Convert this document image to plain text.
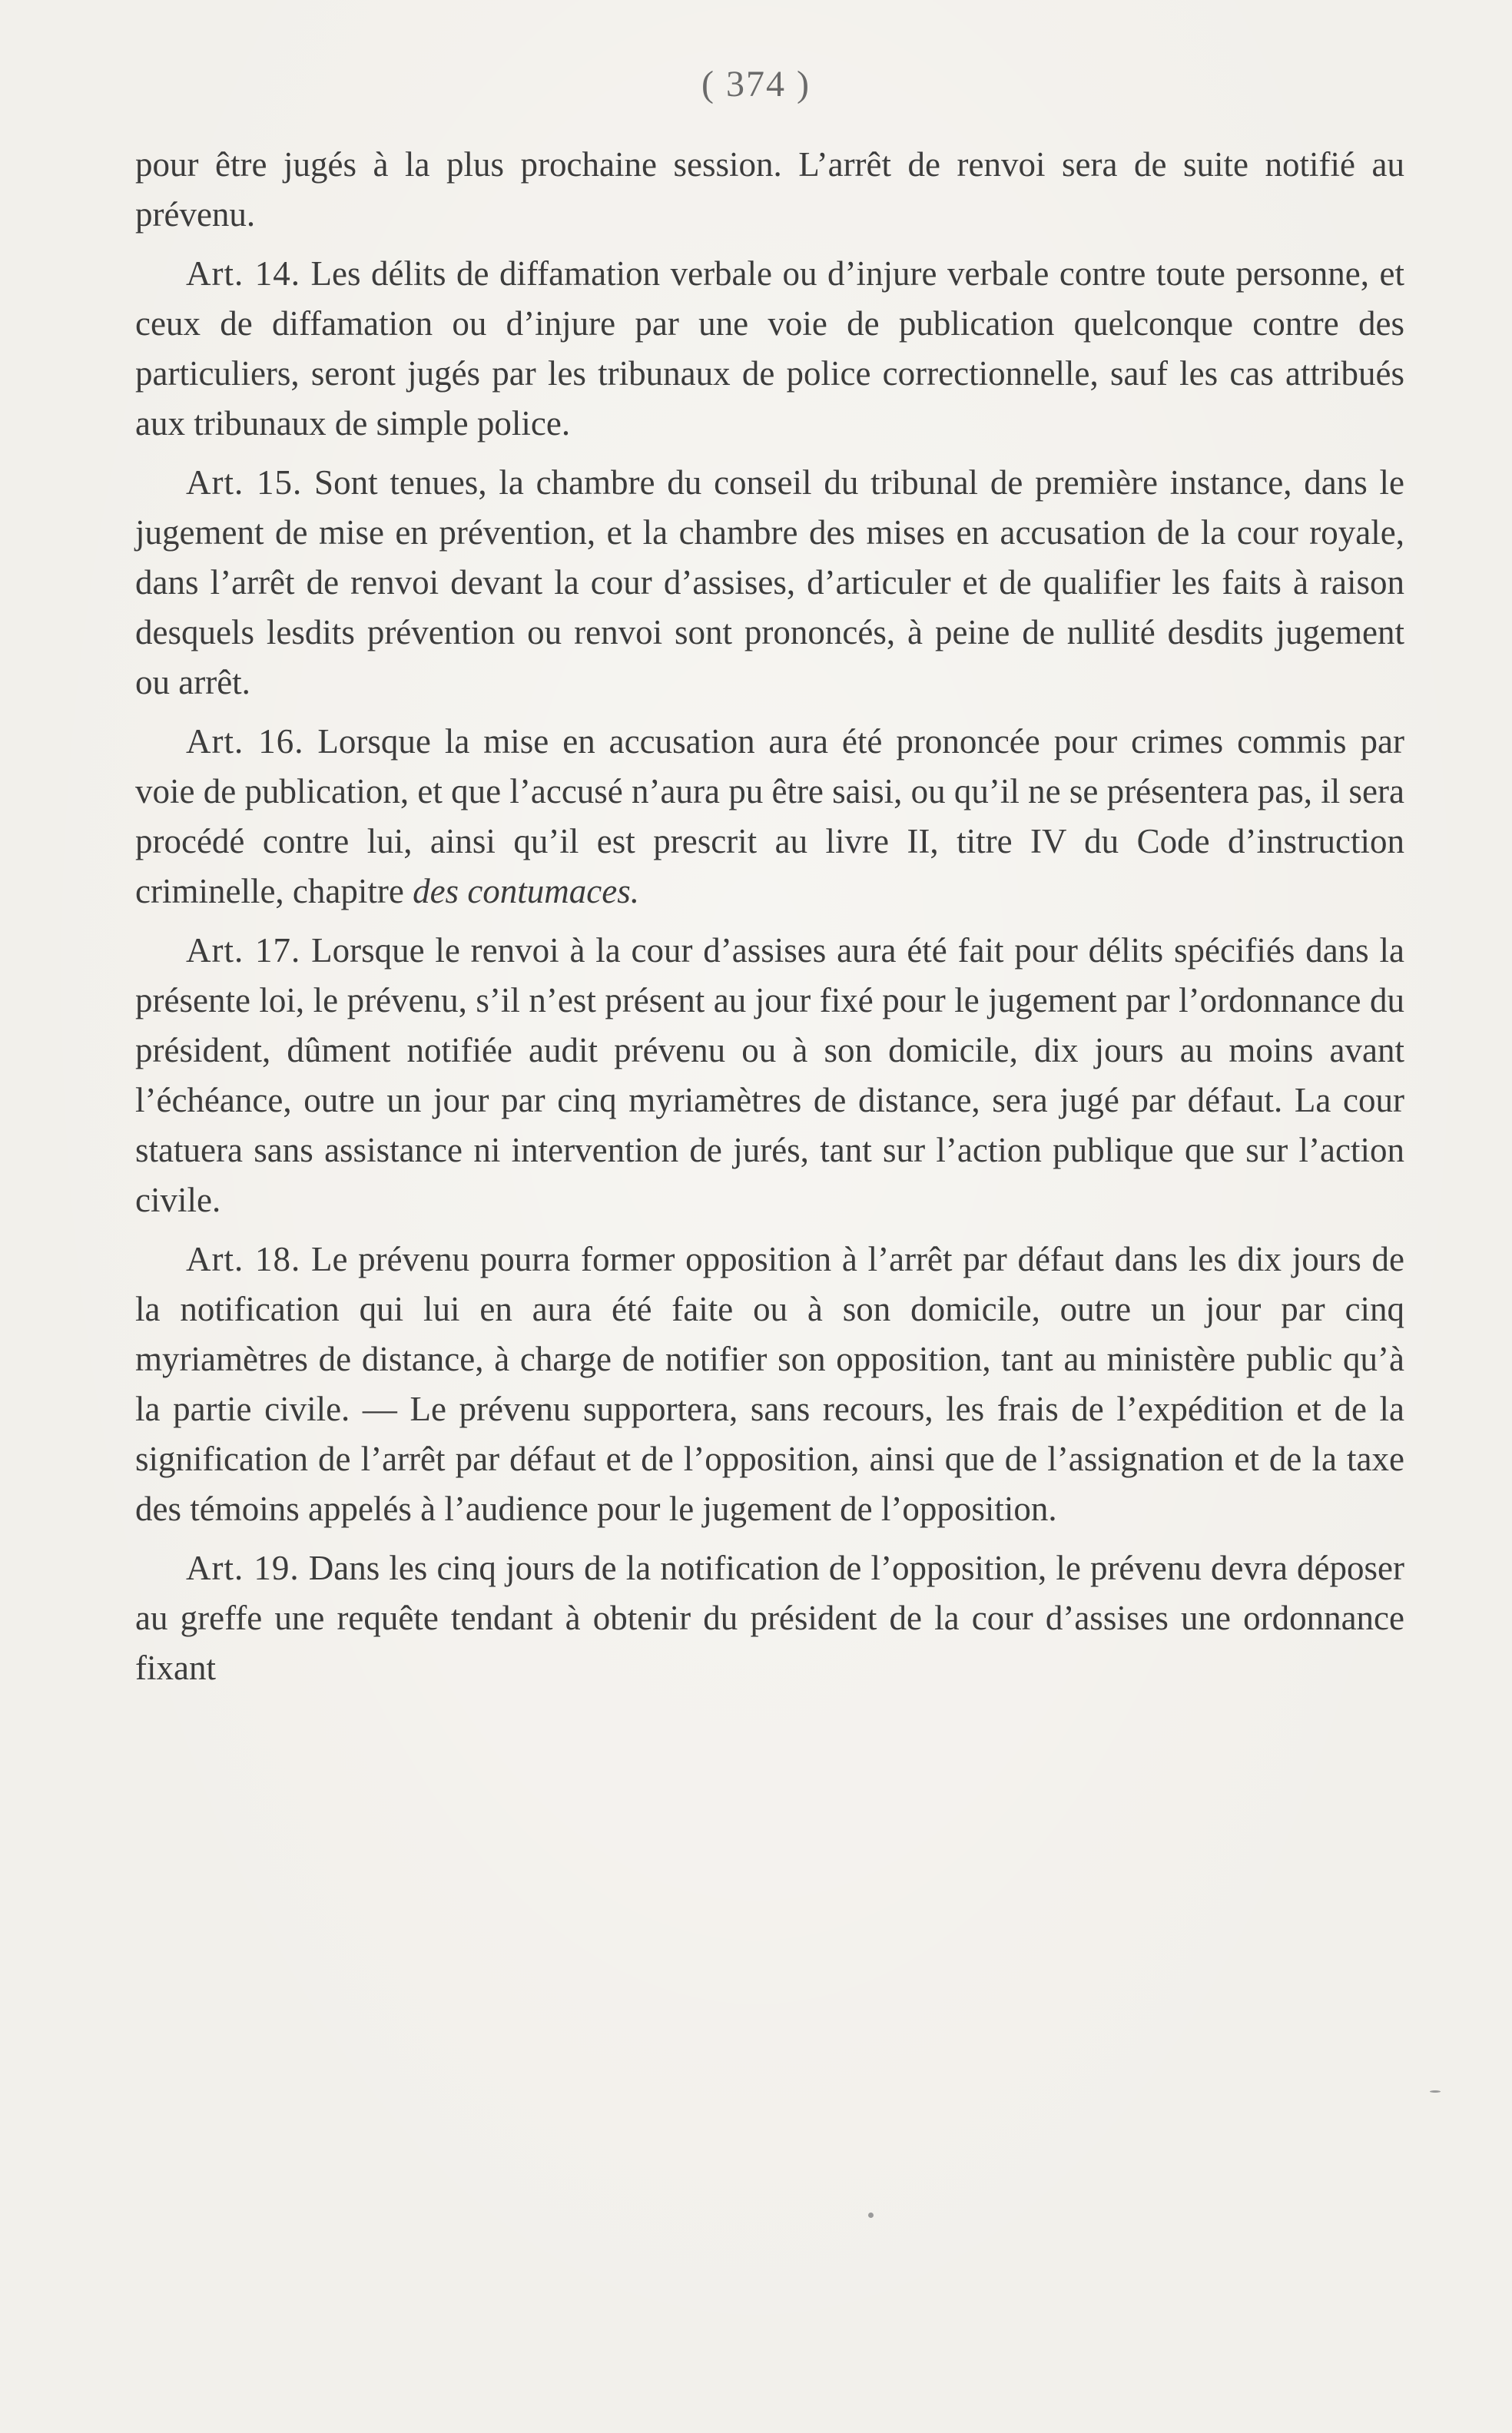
( 374 )

pour être jugés à la plus prochaine session. L’arrêt de renvoi sera de suite notifié au prévenu.

Art. 14. Les délits de diffamation verbale ou d’injure verbale contre toute personne, et ceux de diffamation ou d’injure par une voie de publication quelconque contre des particuliers, seront jugés par les tribunaux de police correctionnelle, sauf les cas attribués aux tribunaux de simple police.

Art. 15. Sont tenues, la chambre du conseil du tribunal de première instance, dans le jugement de mise en prévention, et la chambre des mises en accusation de la cour royale, dans l’arrêt de renvoi devant la cour d’assises, d’articuler et de qualifier les faits à raison desquels lesdits prévention ou renvoi sont prononcés, à peine de nullité desdits jugement ou arrêt.

Art. 16. Lorsque la mise en accusation aura été prononcée pour crimes commis par voie de publication, et que l’accusé n’aura pu être saisi, ou qu’il ne se présentera pas, il sera procédé contre lui, ainsi qu’il est prescrit au livre II, titre IV du Code d’instruction criminelle, chapitre des contumaces.

Art. 17. Lorsque le renvoi à la cour d’assises aura été fait pour délits spécifiés dans la présente loi, le prévenu, s’il n’est présent au jour fixé pour le jugement par l’ordonnance du président, dûment notifiée audit prévenu ou à son domicile, dix jours au moins avant l’échéance, outre un jour par cinq myriamètres de distance, sera jugé par défaut. La cour statuera sans assistance ni intervention de jurés, tant sur l’action publique que sur l’action civile.

Art. 18. Le prévenu pourra former opposition à l’arrêt par défaut dans les dix jours de la notification qui lui en aura été faite ou à son domicile, outre un jour par cinq myriamètres de distance, à charge de notifier son opposition, tant au ministère public qu’à la partie civile. — Le prévenu supportera, sans recours, les frais de l’expédition et de la signification de l’arrêt par défaut et de l’opposition, ainsi que de l’assignation et de la taxe des témoins appelés à l’audience pour le jugement de l’opposition.

Art. 19. Dans les cinq jours de la notification de l’opposition, le prévenu devra déposer au greffe une requête tendant à obtenir du président de la cour d’assises une ordonnance fixant
